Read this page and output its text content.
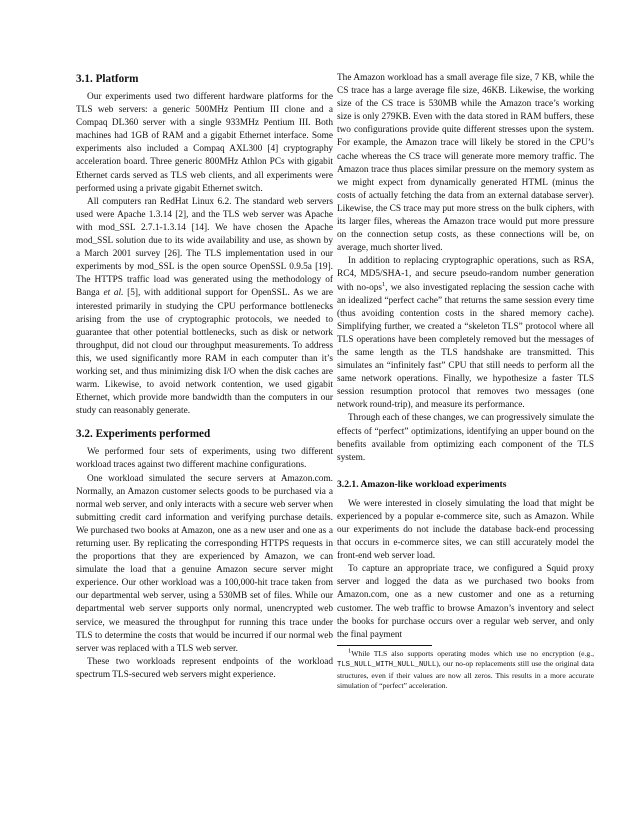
3.1. Platform

Our experiments used two different hardware platforms for the TLS web servers: a generic 500MHz Pentium III clone and a Compaq DL360 server with a single 933MHz Pentium III. Both machines had 1GB of RAM and a gigabit Ethernet interface. Some experiments also included a Compaq AXL300 [4] cryptography acceleration board. Three generic 800MHz Athlon PCs with gigabit Ethernet cards served as TLS web clients, and all experiments were performed using a private gigabit Ethernet switch.

All computers ran RedHat Linux 6.2. The standard web servers used were Apache 1.3.14 [2], and the TLS web server was Apache with mod_SSL 2.7.1-1.3.14 [14]. We have chosen the Apache mod_SSL solution due to its wide availability and use, as shown by a March 2001 survey [26]. The TLS implementation used in our experiments by mod_SSL is the open source OpenSSL 0.9.5a [19]. The HTTPS traffic load was generated using the methodology of Banga et al. [5], with additional support for OpenSSL. As we are interested primarily in studying the CPU performance bottlenecks arising from the use of cryptographic protocols, we needed to guarantee that other potential bottlenecks, such as disk or network throughput, did not cloud our throughput measurements. To address this, we used significantly more RAM in each computer than it’s working set, and thus minimizing disk I/O when the disk caches are warm. Likewise, to avoid network contention, we used gigabit Ethernet, which provide more bandwidth than the computers in our study can reasonably generate.

3.2. Experiments performed

We performed four sets of experiments, using two different workload traces against two different machine configurations.

One workload simulated the secure servers at Amazon.com. Normally, an Amazon customer selects goods to be purchased via a normal web server, and only interacts with a secure web server when submitting credit card information and verifying purchase details. We purchased two books at Amazon, one as a new user and one as a returning user. By replicating the corresponding HTTPS requests in the proportions that they are experienced by Amazon, we can simulate the load that a genuine Amazon secure server might experience. Our other workload was a 100,000-hit trace taken from our departmental web server, using a 530MB set of files. While our departmental web server supports only normal, unencrypted web service, we measured the throughput for running this trace under TLS to determine the costs that would be incurred if our normal web server was replaced with a TLS web server.

These two workloads represent endpoints of the workload spectrum TLS-secured web servers might experience.

The Amazon workload has a small average file size, 7 KB, while the CS trace has a large average file size, 46KB. Likewise, the working size of the CS trace is 530MB while the Amazon trace’s working size is only 279KB. Even with the data stored in RAM buffers, these two configurations provide quite different stresses upon the system. For example, the Amazon trace will likely be stored in the CPU’s cache whereas the CS trace will generate more memory traffic. The Amazon trace thus places similar pressure on the memory system as we might expect from dynamically generated HTML (minus the costs of actually fetching the data from an external database server). Likewise, the CS trace may put more stress on the bulk ciphers, with its larger files, whereas the Amazon trace would put more pressure on the connection setup costs, as these connections will be, on average, much shorter lived.

In addition to replacing cryptographic operations, such as RSA, RC4, MD5/SHA-1, and secure pseudo-random number generation with no-ops$^1$, we also investigated replacing the session cache with an idealized “perfect cache” that returns the same session every time (thus avoiding contention costs in the shared memory cache). Simplifying further, we created a “skeleton TLS” protocol where all TLS operations have been completely removed but the messages of the same length as the TLS handshake are transmitted. This simulates an “infinitely fast” CPU that still needs to perform all the same network operations. Finally, we hypothesize a faster TLS session resumption protocol that removes two messages (one network round-trip), and measure its performance.

Through each of these changes, we can progressively simulate the effects of “perfect” optimizations, identifying an upper bound on the benefits available from optimizing each component of the TLS system.

3.2.1. Amazon-like workload experiments

We were interested in closely simulating the load that might be experienced by a popular e-commerce site, such as Amazon. While our experiments do not include the database back-end processing that occurs in e-commerce sites, we can still accurately model the front-end web server load.

To capture an appropriate trace, we configured a Squid proxy server and logged the data as we purchased two books from Amazon.com, one as a new customer and one as a returning customer. The web traffic to browse Amazon’s inventory and select the books for purchase occurs over a regular web server, and only the final payment

$^1$While TLS also supports operating modes which use no encryption (e.g., TLS_NULL_WITH_NULL_NULL), our no-op replacements still use the original data structures, even if their values are now all zeros. This results in a more accurate simulation of “perfect” acceleration.
